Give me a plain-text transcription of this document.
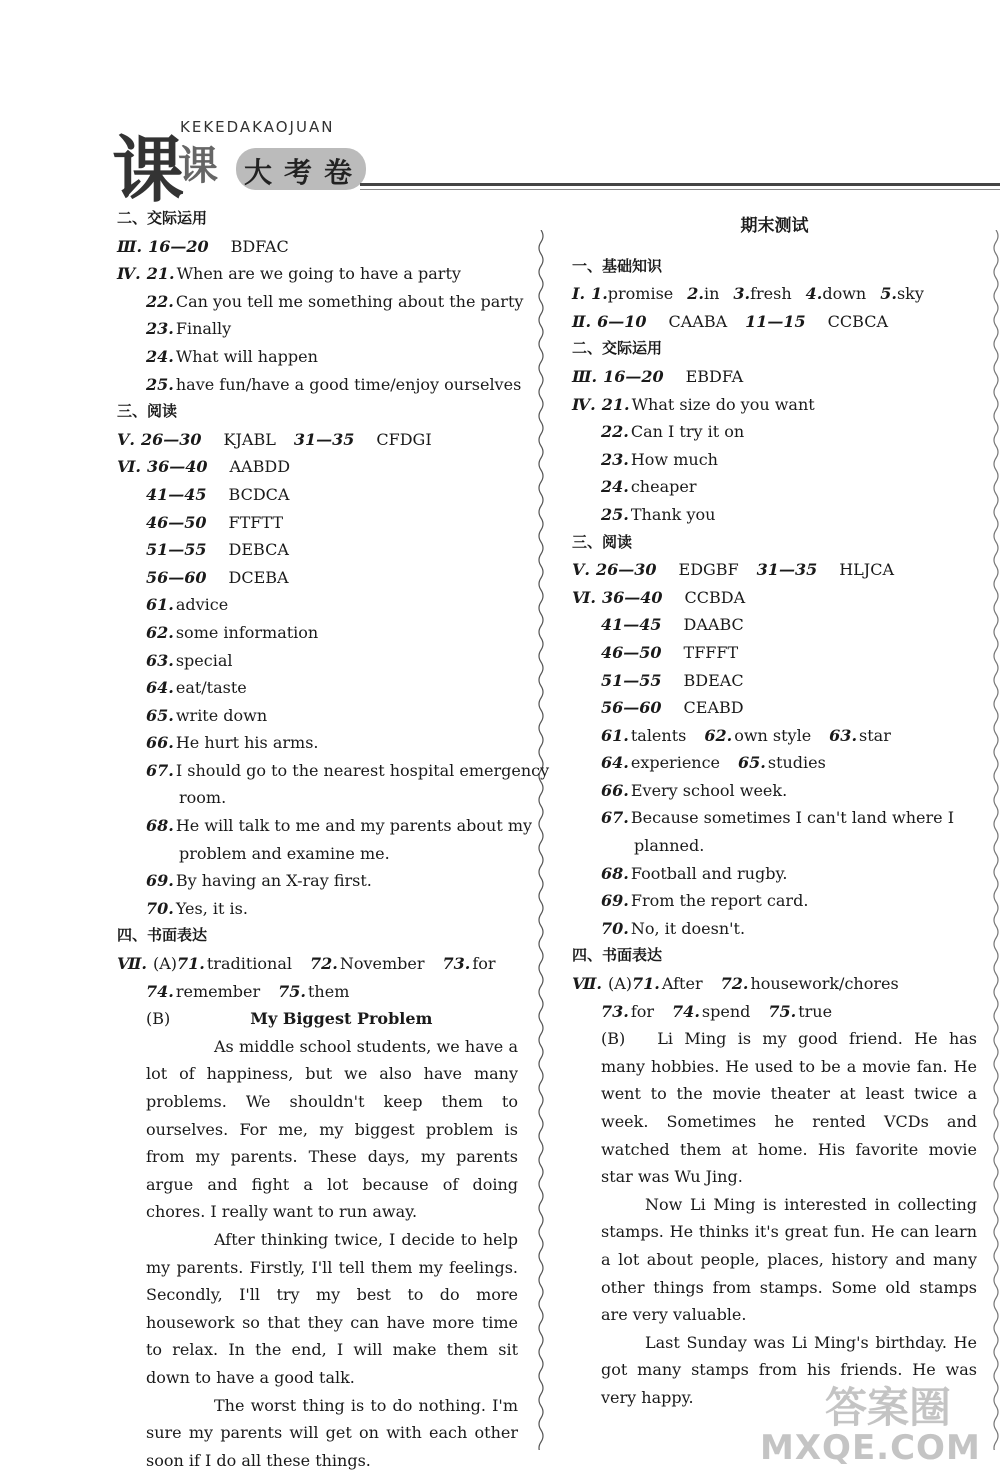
课 KEKEDAKAOJUAN
课 大 考 卷
二、交际运用
Ⅲ. 16—20 BDFAC
Ⅳ. 21. When are we going to have a party
22. Can you tell me something about the party
23. Finally
24. What will happen
25. have fun/have a good time/enjoy ourselves
三、阅读
Ⅴ. 26—30 KJABL 31—35 CFDGI
Ⅵ. 36—40 AABDD
41—45 BCDCA
46—50 FTFTT
51—55 DEBCA
56—60 DCEBA
61. advice
62. some information
63. special
64. eat/taste
65. write down
66. He hurt his arms.
67. I should go to the nearest hospital emergency
room.
68. He will talk to me and my parents about my
problem and examine me.
69. By having an X-ray first.
70. Yes, it is.
四、书面表达
Ⅶ. (A)71. traditional 72. November 73. for
74. remember 75. them
(B)	My Biggest Problem
As middle school students, we have a lot of happiness, but we also have many problems. We shouldn't keep them to ourselves. For me, my biggest problem is from my parents. These days, my parents argue and fight a lot because of doing chores. I really want to run away.
After thinking twice, I decide to help my parents. Firstly, I'll tell them my feelings. Secondly, I'll try my best to do more housework so that they can have more time to relax. In the end, I will make them sit down to have a good talk.
The worst thing is to do nothing. I'm sure my parents will get on with each other soon if I do all these things.
期末测试
一、基础知识
Ⅰ. 1.promise 2.in 3.fresh 4.down 5.sky
Ⅱ. 6—10 CAABA 11—15 CCBCA
二、交际运用
Ⅲ. 16—20 EBDFA
Ⅳ. 21. What size do you want
22. Can I try it on
23. How much
24. cheaper
25. Thank you
三、阅读
Ⅴ. 26—30 EDGBF 31—35 HLJCA
Ⅵ. 36—40 CCBDA
41—45 DAABC
46—50 TFFFT
51—55 BDEAC
56—60 CEABD
61. talents 62. own style 63. star
64. experience 65. studies
66. Every school week.
67. Because sometimes I can't land where I
planned.
68. Football and rugby.
69. From the report card.
70. No, it doesn't.
四、书面表达
Ⅶ. (A)71. After 72. housework/chores
73. for 74. spend 75. true
(B) Li Ming is my good friend. He has many hobbies. He used to be a movie fan. He went to the movie theater at least twice a week. Sometimes he rented VCDs and watched them at home. His favorite movie star was Wu Jing.
Now Li Ming is interested in collecting stamps. He thinks it's great fun. He can learn a lot about people, places, history and many other things from stamps. Some old stamps are very valuable.
Last Sunday was Li Ming's birthday. He got many stamps from his friends. He was very happy.	答案圈
MXQE.COM
